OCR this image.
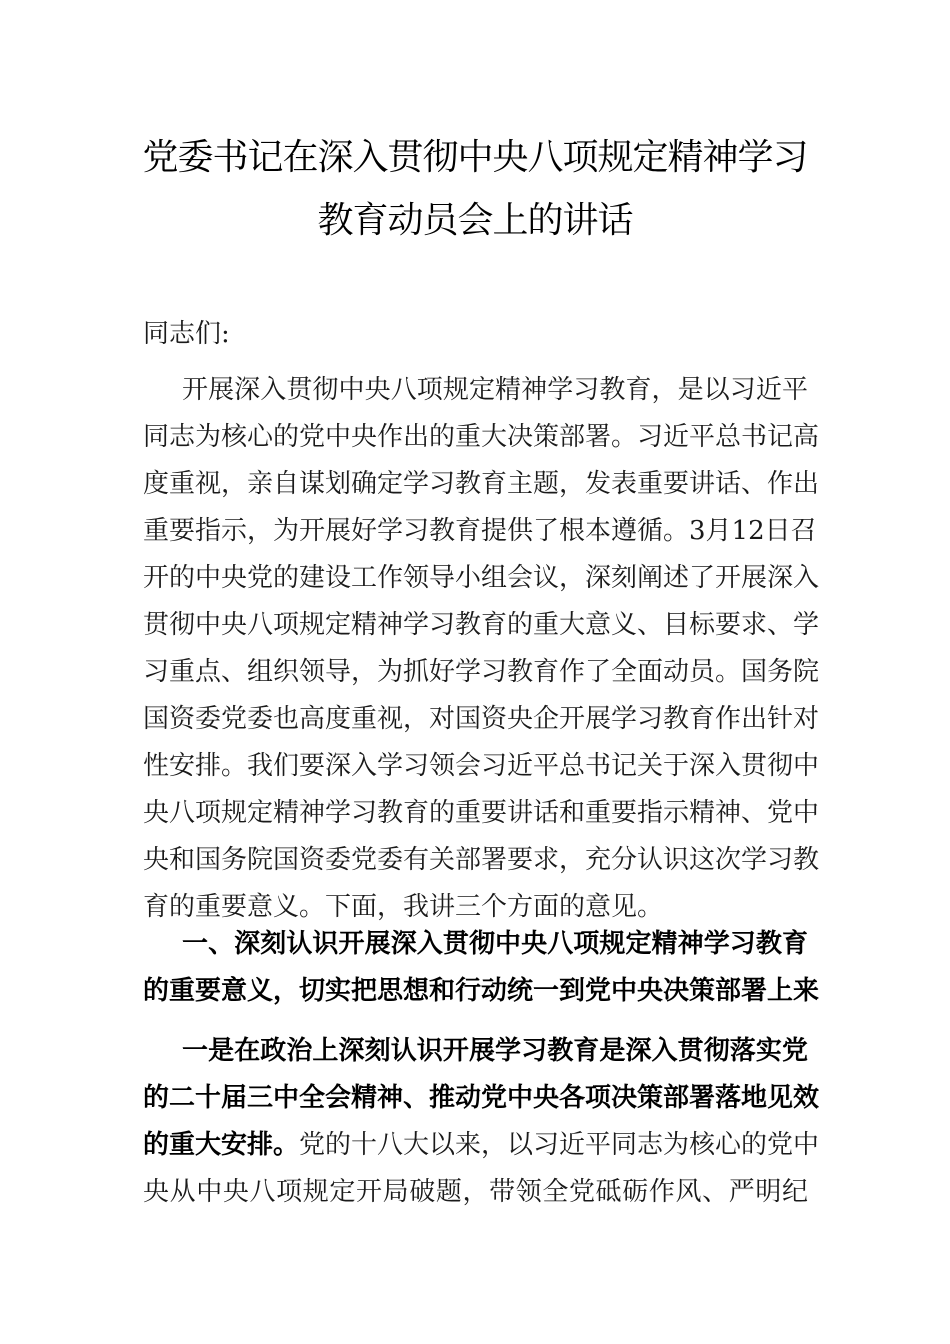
党委书记在深入贯彻中央八项规定精神学习
教育动员会上的讲话
同志们:
开展深入贯彻中央八项规定精神学习教育，是以习近平
同志为核心的党中央作出的重大决策部署。习近平总书记高
度重视，亲自谋划确定学习教育主题，发表重要讲话、作出
重要指示，为开展好学习教育提供了根本遵循。3月12日召
开的中央党的建设工作领导小组会议，深刻阐述了开展深入
贯彻中央八项规定精神学习教育的重大意义、目标要求、学
习重点、组织领导，为抓好学习教育作了全面动员。国务院
国资委党委也高度重视，对国资央企开展学习教育作出针对
性安排。我们要深入学习领会习近平总书记关于深入贯彻中
央八项规定精神学习教育的重要讲话和重要指示精神、党中
央和国务院国资委党委有关部署要求，充分认识这次学习教
育的重要意义。下面，我讲三个方面的意见。
一、深刻认识开展深入贯彻中央八项规定精神学习教育
的重要意义，切实把思想和行动统一到党中央决策部署上来
一是在政治上深刻认识开展学习教育是深入贯彻落实党
的二十届三中全会精神、推动党中央各项决策部署落地见效
的重大安排。党的十八大以来，以习近平同志为核心的党中
央从中央八项规定开局破题，带领全党砥砺作风、严明纪
